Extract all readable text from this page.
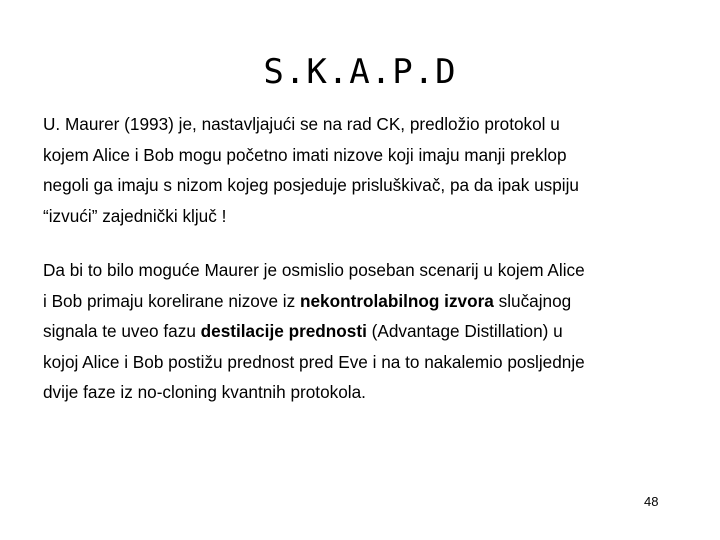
S.K.A.P.D

U. Maurer (1993) je, nastavljajući se na rad CK, predložio protokol u
kojem Alice i Bob mogu početno imati nizove koji imaju manji preklop
negoli ga imaju s nizom kojeg posjeduje prisluškivač, pa da ipak uspiju
“izvući” zajednički ključ !

Da bi to bilo moguće Maurer je osmislio poseban scenarij u kojem Alice
i Bob primaju korelirane nizove iz nekontrolabilnog izvora slučajnog
signala te uveo fazu destilacije prednosti (Advantage Distillation) u
kojoj Alice i Bob postižu prednost pred Eve i na to nakalemio posljednje
dvije faze iz no-cloning kvantnih protokola.

48
